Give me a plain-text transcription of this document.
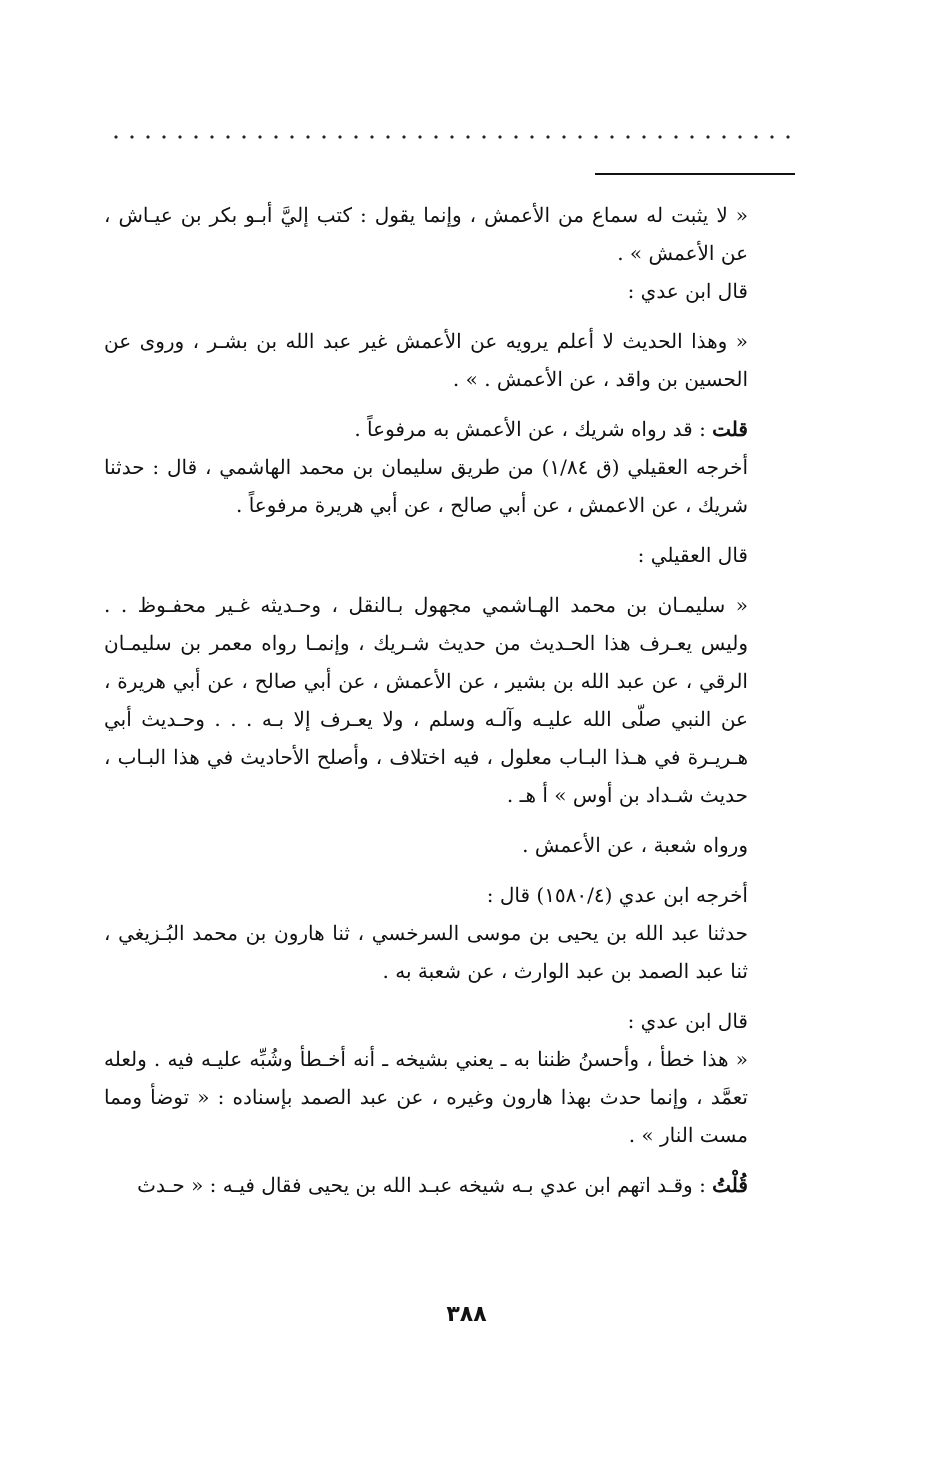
« لا يثبت له سماع من الأعمش ، وإنما يقول : كتب إليَّ أبـو بكر بن عيـاش ، عن الأعمش » .

قال ابن عدي :

« وهذا الحديث لا أعلم يرويه عن الأعمش غير عبد الله بن بشـر ، وروى عن الحسين بن واقد ، عن الأعمش . » .

قلت : قد رواه شريك ، عن الأعمش به مرفوعاً .

أخرجه العقيلي (ق ١/٨٤) من طريق سليمان بن محمد الهاشمي ، قال : حدثنا شريك ، عن الاعمش ، عن أبي صالح ، عن أبي هريرة مرفوعاً .

قال العقيلي :

« سليمـان بن محمد الهـاشمي مجهول بـالنقل ، وحـديثه غـير محفـوظ . . وليس يعـرف هذا الحـديث من حديث شـريك ، وإنمـا رواه معمر بن سليمـان الرقي ، عن عبد الله بن بشير ، عن الأعمش ، عن أبي صالح ، عن أبي هريرة ، عن النبي صلّى الله عليـه وآلـه وسلم ، ولا يعـرف إلا بـه . . . وحـديث أبي هـريـرة في هـذا البـاب معلول ، فيه اختلاف ، وأصلح الأحاديث في هذا البـاب ، حديث شـداد بن أوس » أ هـ .

ورواه شعبة ، عن الأعمش .

أخرجه ابن عدي (١٥٨٠/٤) قال :

حدثنا عبد الله بن يحيى بن موسى السرخسي ، ثنا هارون بن محمد البُـزيغي ، ثنا عبد الصمد بن عبد الوارث ، عن شعبة به .

قال ابن عدي :

« هذا خطأ ، وأحسنُ ظننا به ـ يعني بشيخه ـ أنه أخـطأ وشُبِّه عليـه فيه . ولعله تعمَّد ، وإنما حدث بهذا هارون وغيره ، عن عبد الصمد بإسناده : « توضأ ومما مست النار » .

قُلْتُ : وقـد اتهم ابن عدي بـه شيخه عبـد الله بن يحيى فقال فيـه : « حـدث

٣٨٨
